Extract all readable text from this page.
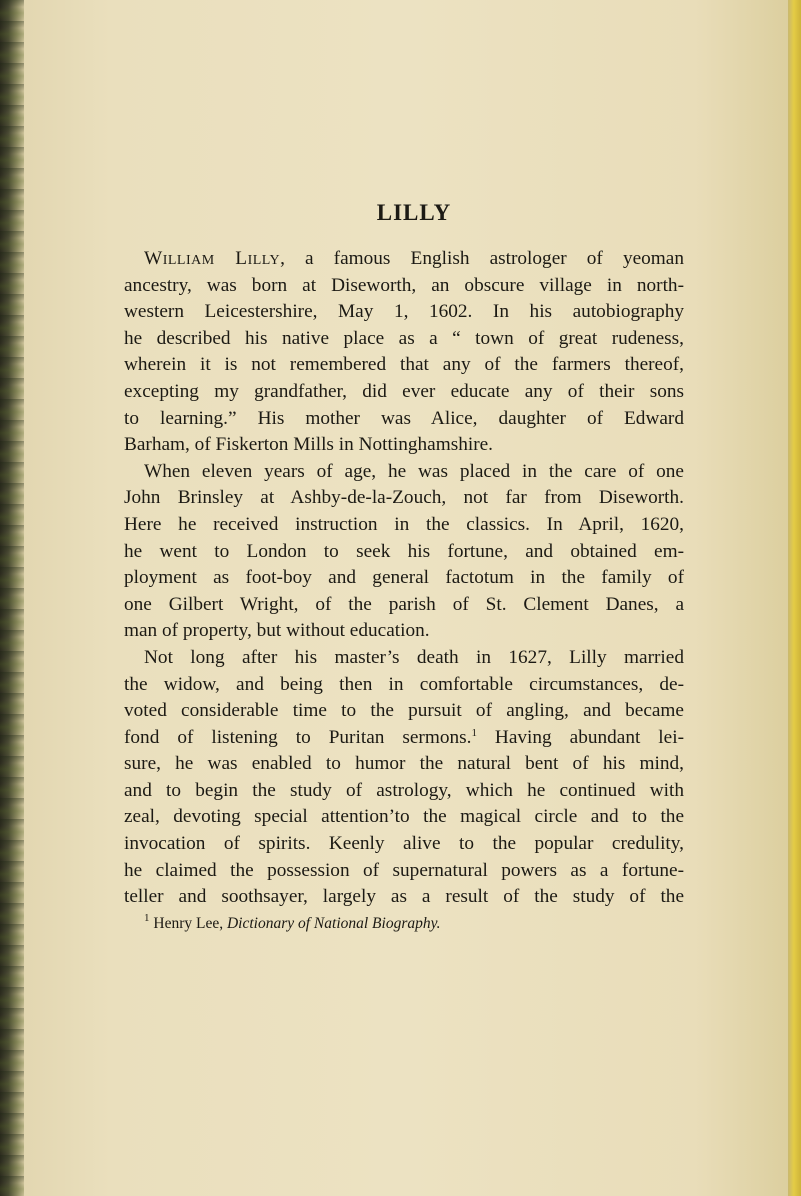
LILLY
William Lilly, a famous English astrologer of yeoman
ancestry, was born at Diseworth, an obscure village in north-
western Leicestershire, May 1, 1602. In his autobiography
he described his native place as a “ town of great rudeness,
wherein it is not remembered that any of the farmers thereof,
excepting my grandfather, did ever educate any of their sons
to learning.” His mother was Alice, daughter of Edward
Barham, of Fiskerton Mills in Nottinghamshire.
When eleven years of age, he was placed in the care of one
John Brinsley at Ashby-de-la-Zouch, not far from Diseworth.
Here he received instruction in the classics. In April, 1620,
he went to London to seek his fortune, and obtained em-
ployment as foot-boy and general factotum in the family of
one Gilbert Wright, of the parish of St. Clement Danes, a
man of property, but without education.
Not long after his master’s death in 1627, Lilly married
the widow, and being then in comfortable circumstances, de-
voted considerable time to the pursuit of angling, and became
fond of listening to Puritan sermons.$^1$ Having abundant lei-
sure, he was enabled to humor the natural bent of his mind,
and to begin the study of astrology, which he continued with
zeal, devoting special attention’to the magical circle and to the
invocation of spirits. Keenly alive to the popular credulity,
he claimed the possession of supernatural powers as a fortune-
teller and soothsayer, largely as a result of the study of the
$^1$ Henry Lee, Dictionary of National Biography.
